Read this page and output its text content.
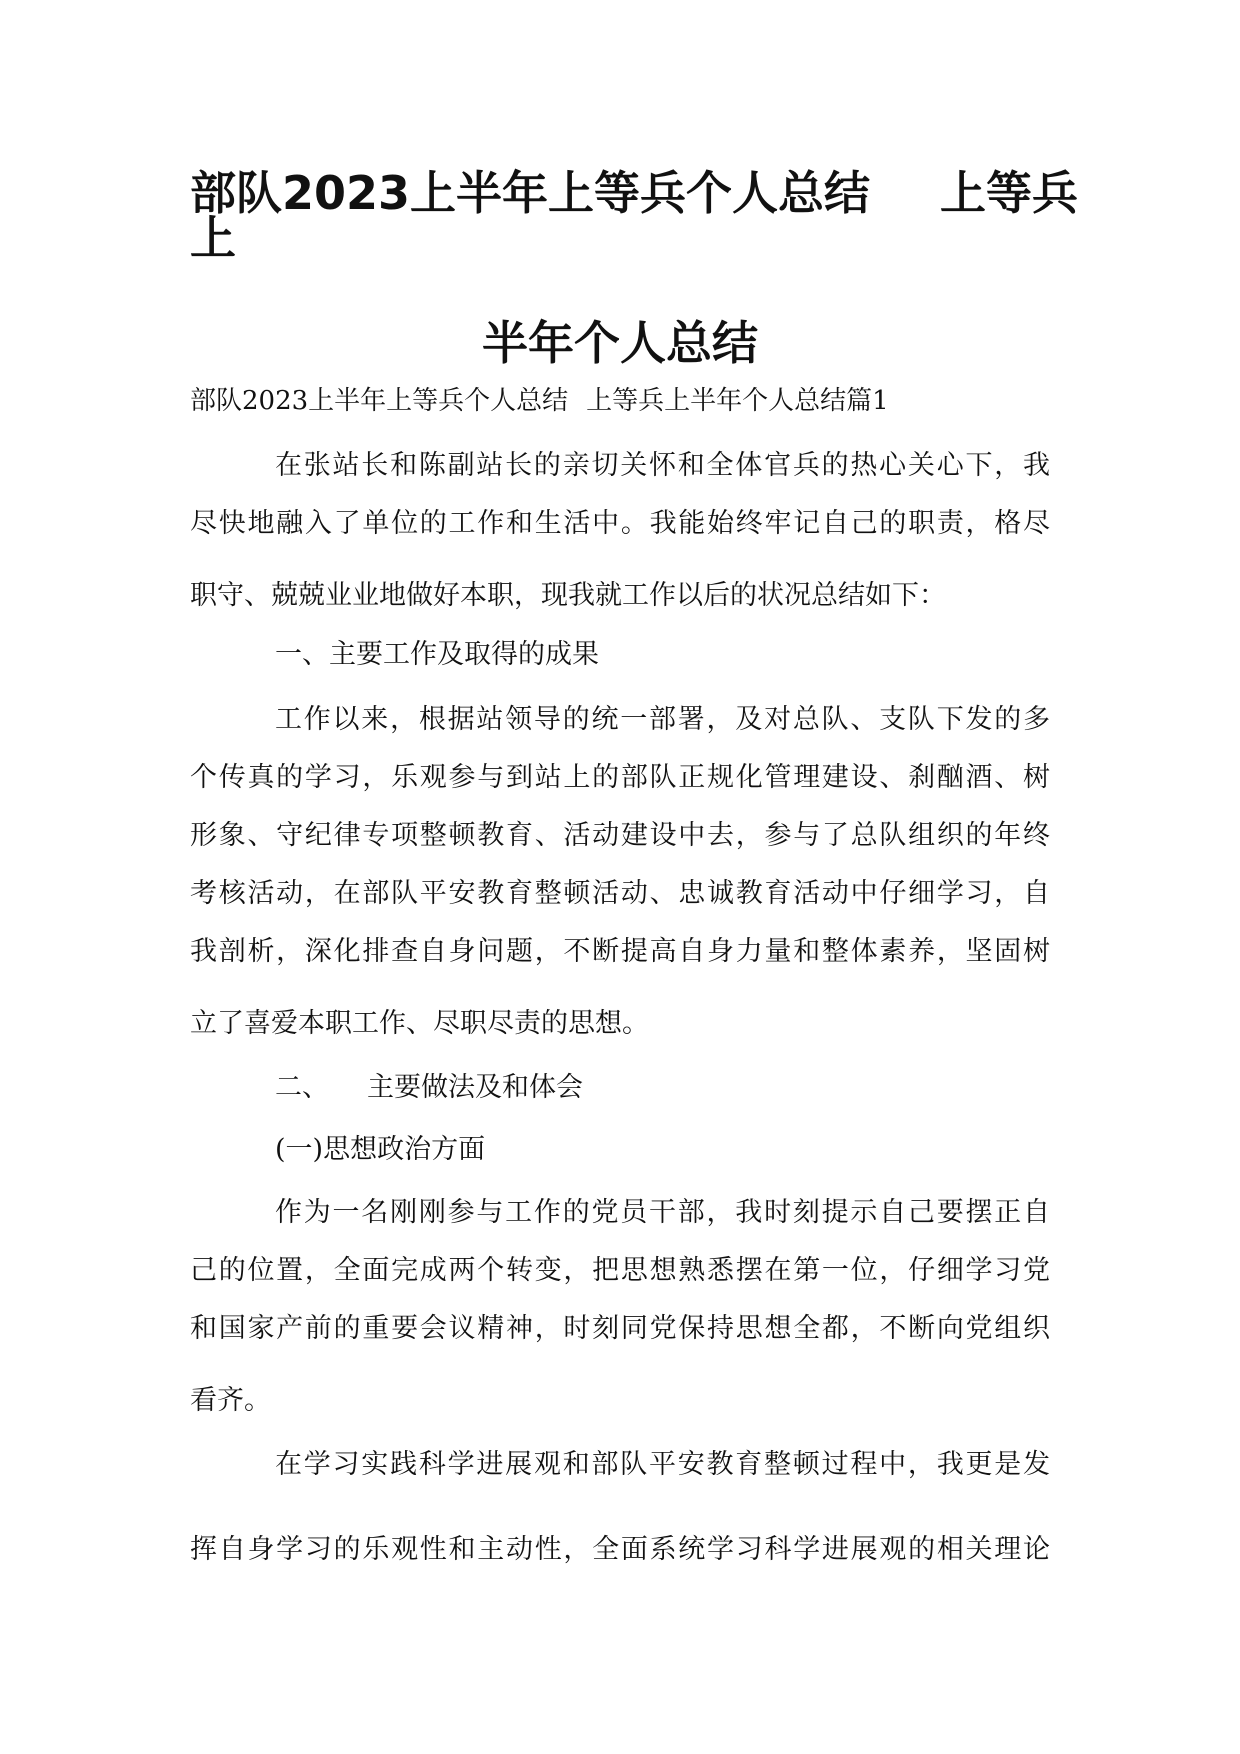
部队2023上半年上等兵个人总结 上等兵
上
半年个人总结
部队2023上半年上等兵个人总结 上等兵上半年个人总结篇1
在张站长和陈副站长的亲切关怀和全体官兵的热心关心下，我
尽快地融入了单位的工作和生活中。我能始终牢记自己的职责，格尽
职守、兢兢业业地做好本职，现我就工作以后的状况总结如下：
一、主要工作及取得的成果
工作以来，根据站领导的统一部署，及对总队、支队下发的多
个传真的学习，乐观参与到站上的部队正规化管理建设、刹酗酒、树
形象、守纪律专项整顿教育、活动建设中去，参与了总队组织的年终
考核活动，在部队平安教育整顿活动、忠诚教育活动中仔细学习，自
我剖析，深化排查自身问题，不断提高自身力量和整体素养，坚固树
立了喜爱本职工作、尽职尽责的思想。
二、 主要做法及和体会
(一)思想政治方面
作为一名刚刚参与工作的党员干部，我时刻提示自己要摆正自
己的位置，全面完成两个转变，把思想熟悉摆在第一位，仔细学习党
和国家产前的重要会议精神，时刻同党保持思想全都，不断向党组织
看齐。
在学习实践科学进展观和部队平安教育整顿过程中，我更是发
挥自身学习的乐观性和主动性，全面系统学习科学进展观的相关理论
